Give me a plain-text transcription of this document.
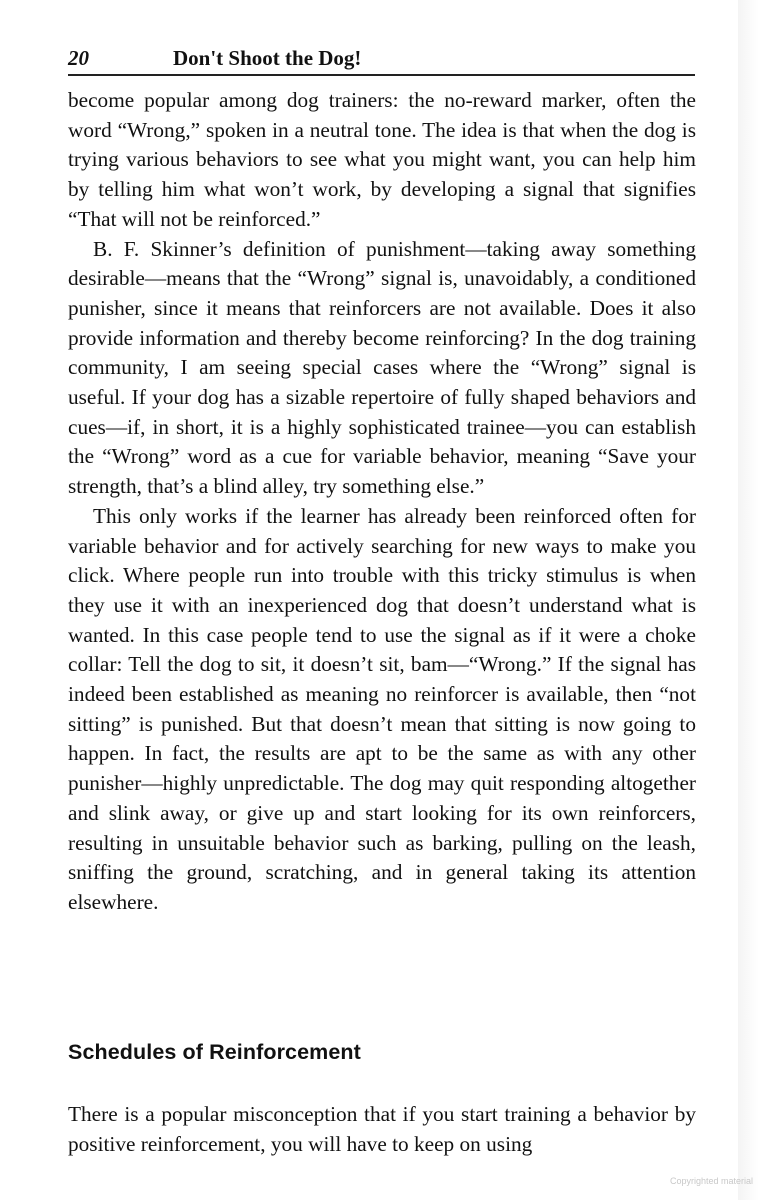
20	Don't Shoot the Dog!

become popular among dog trainers: the no-reward marker, often the word “Wrong,” spoken in a neutral tone. The idea is that when the dog is trying various behaviors to see what you might want, you can help him by telling him what won’t work, by developing a signal that signifies “That will not be reinforced.”

B. F. Skinner’s definition of punishment—taking away something desirable—means that the “Wrong” signal is, unavoidably, a conditioned punisher, since it means that reinforcers are not available. Does it also provide information and thereby become reinforcing? In the dog training community, I am seeing special cases where the “Wrong” signal is useful. If your dog has a sizable repertoire of fully shaped behaviors and cues—if, in short, it is a highly sophisticated trainee—you can establish the “Wrong” word as a cue for variable behavior, meaning “Save your strength, that’s a blind alley, try something else.”

This only works if the learner has already been reinforced often for variable behavior and for actively searching for new ways to make you click. Where people run into trouble with this tricky stimulus is when they use it with an inexperienced dog that doesn’t understand what is wanted. In this case people tend to use the signal as if it were a choke collar: Tell the dog to sit, it doesn’t sit, bam—“Wrong.” If the signal has indeed been established as meaning no reinforcer is available, then “not sitting” is punished. But that doesn’t mean that sitting is now going to happen. In fact, the results are apt to be the same as with any other punisher—highly unpredictable. The dog may quit responding altogether and slink away, or give up and start looking for its own reinforcers, resulting in unsuitable behavior such as barking, pulling on the leash, sniffing the ground, scratching, and in general taking its attention elsewhere.

Schedules of Reinforcement

There is a popular misconception that if you start training a behavior by positive reinforcement, you will have to keep on using

Copyrighted material
